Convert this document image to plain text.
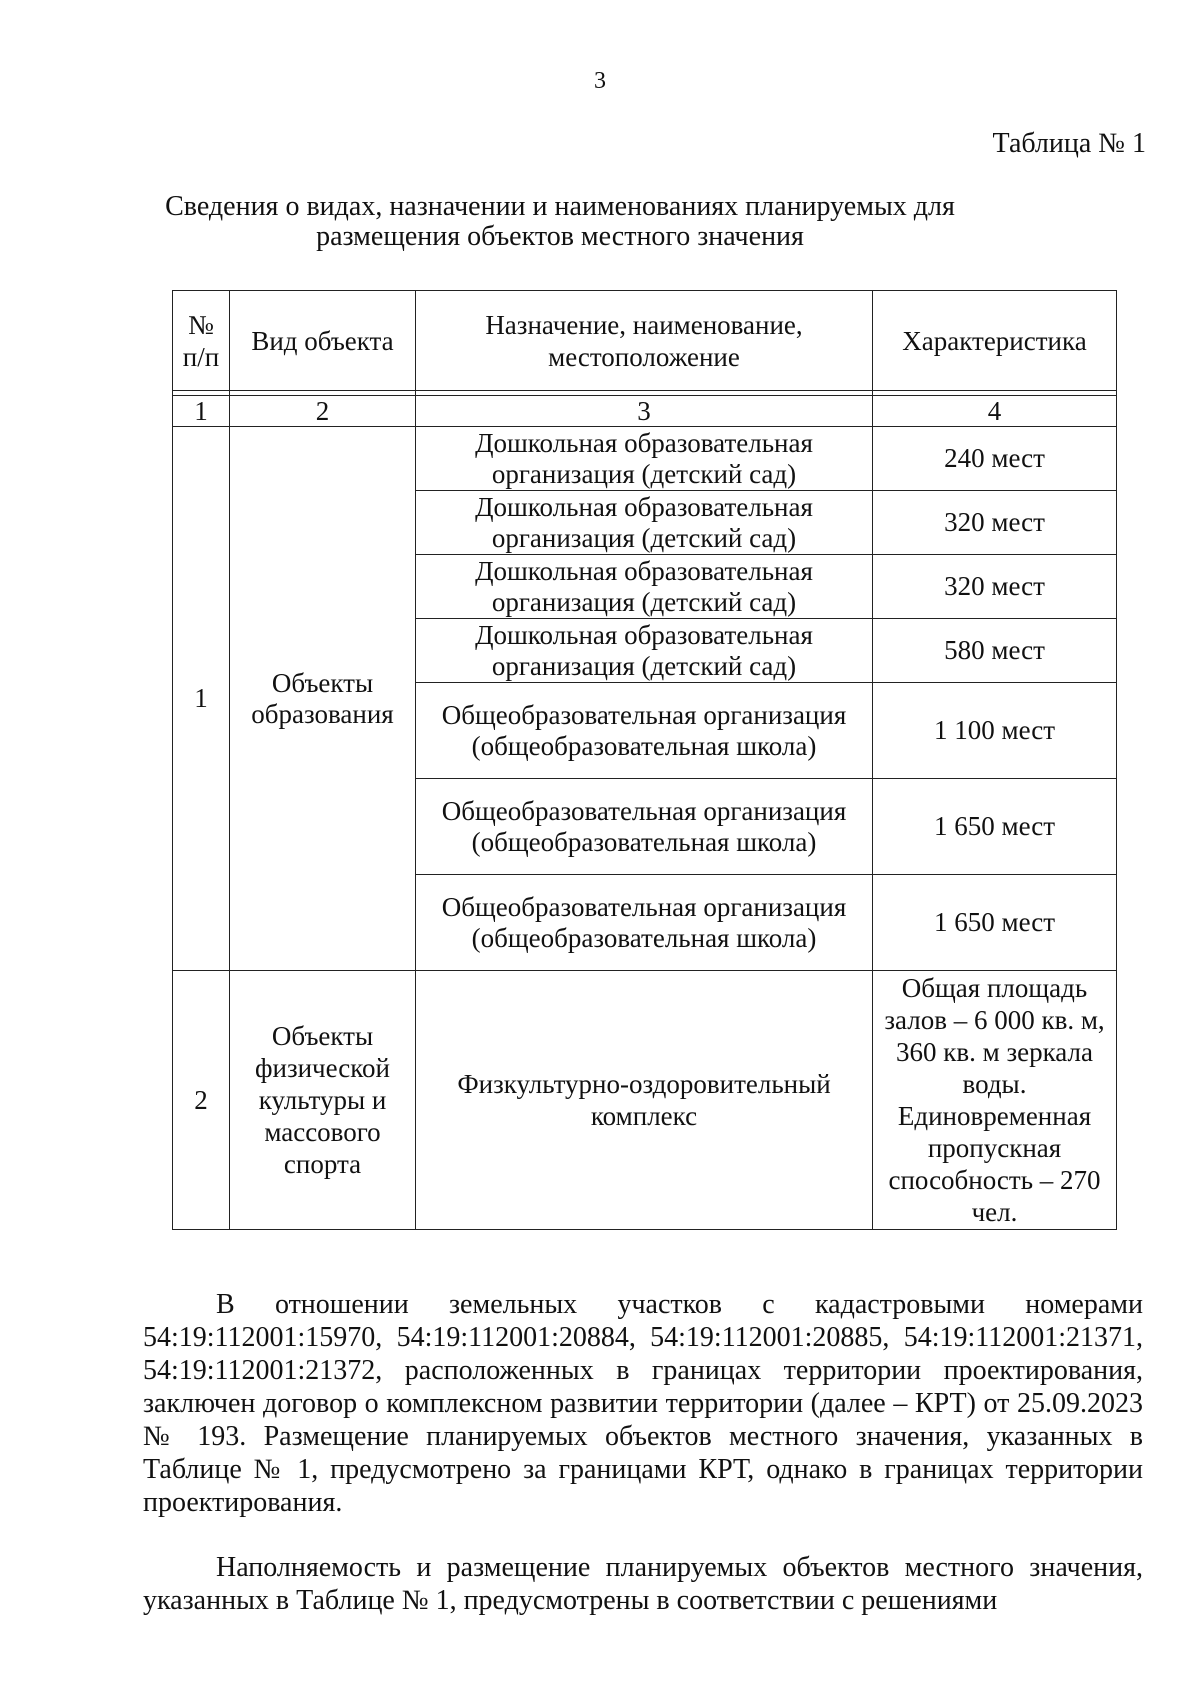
3
Таблица № 1
Сведения о видах, назначении и наименованиях планируемых для размещения объектов местного значения
№ п/п	Вид объекта	Назначение, наименование, местоположение	Характеристика

1	2	3	4
1	Объекты образования	Дошкольная образовательная организация (детский сад)	240 мест
		Дошкольная образовательная организация (детский сад)	320 мест
		Дошкольная образовательная организация (детский сад)	320 мест
		Дошкольная образовательная организация (детский сад)	580 мест
		Общеобразовательная организация (общеобразовательная школа)	1 100 мест
		Общеобразовательная организация (общеобразовательная школа)	1 650 мест
		Общеобразовательная организация (общеобразовательная школа)	1 650 мест
2	Объекты физической культуры и массового спорта	Физкультурно-оздоровительный комплекс	Общая площадь залов – 6 000 кв. м, 360 кв. м зеркала воды. Единовременная пропускная способность – 270 чел.

В отношении земельных участков с кадастровыми номерами 54:19:112001:15970, 54:19:112001:20884, 54:19:112001:20885, 54:19:112001:21371, 54:19:112001:21372, расположенных в границах территории проектирования, заключен договор о комплексном развитии территории (далее – КРТ) от 25.09.2023 № 193. Размещение планируемых объектов местного значения, указанных в Таблице № 1, предусмотрено за границами КРТ, однако в границах территории проектирования.

Наполняемость и размещение планируемых объектов местного значения, указанных в Таблице № 1, предусмотрены в соответствии с решениями
